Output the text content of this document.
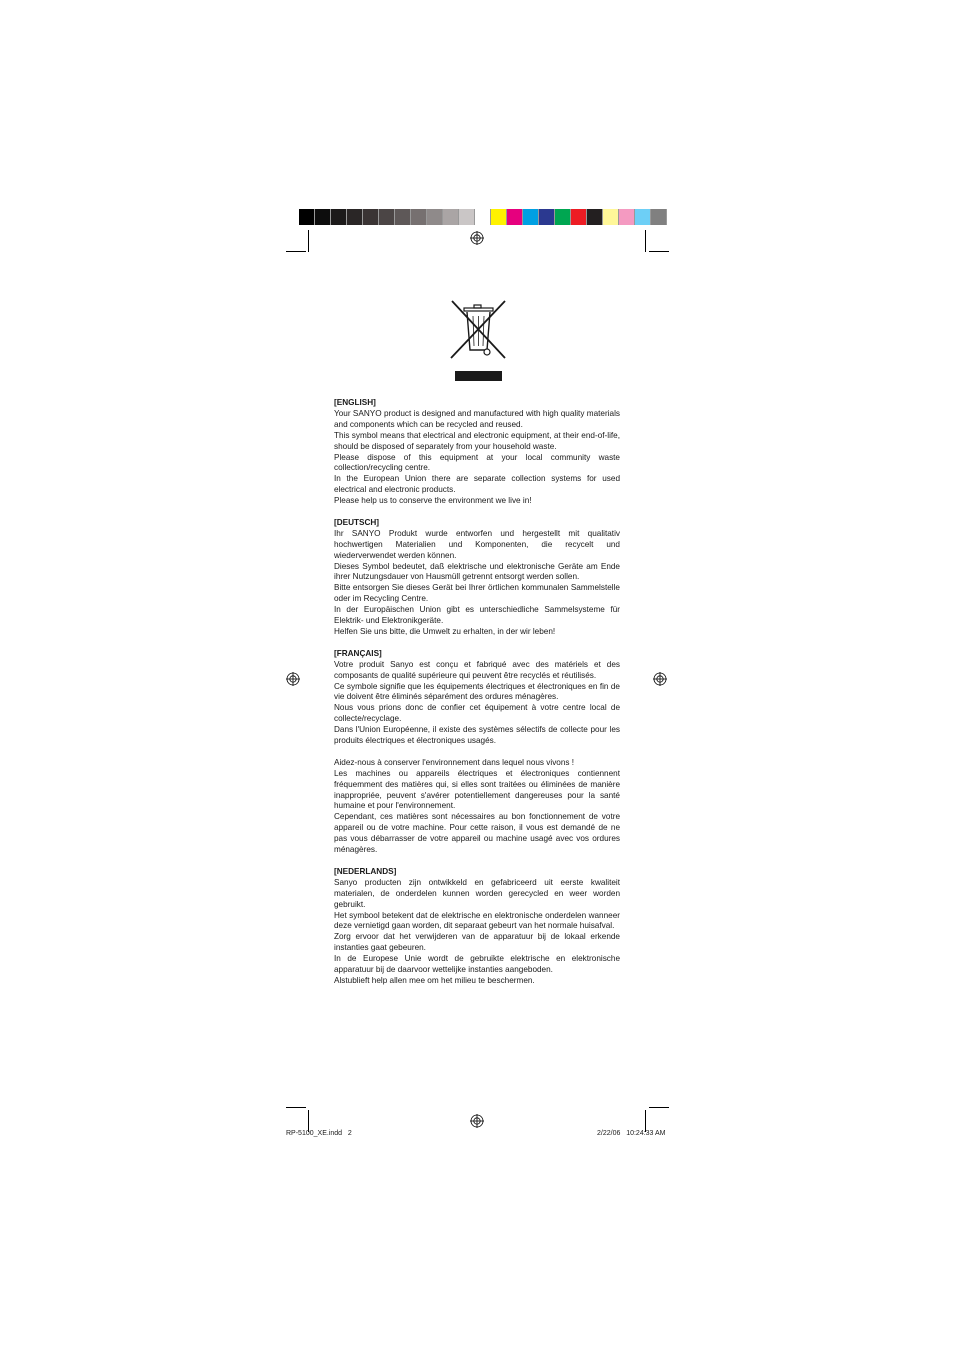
[ENGLISH]

Your SANYO product is designed and manufactured with high quality materials and components which can be recycled and reused.

This symbol means that electrical and electronic equipment, at their end-of-life, should be disposed of separately from your household waste.

Please dispose of this equipment at your local community waste collection/recycling centre.

In the European Union there are separate collection systems for used electrical and electronic products.

Please help us to conserve the environment we live in!

[DEUTSCH]

Ihr SANYO Produkt wurde entworfen und hergestellt mit qualitativ hochwertigen Materialien und Komponenten, die recycelt und wiederverwendet werden können.

Dieses Symbol bedeutet, daß elektrische und elektronische Geräte am Ende ihrer Nutzungsdauer von Hausmüll getrennt entsorgt werden sollen.

Bitte entsorgen Sie dieses Gerät bei Ihrer örtlichen kommunalen Sammelstelle oder im Recycling Centre.

In der Europäischen Union gibt es unterschiedliche Sammelsysteme für Elektrik- und Elektronikgeräte.

Helfen Sie uns bitte, die Umwelt zu erhalten, in der wir leben!

[FRANÇAIS]

Votre produit Sanyo est conçu et fabriqué avec des matériels et des composants de qualité supérieure qui peuvent être recyclés et réutilisés.

Ce symbole signifie que les équipements électriques et électroniques en fin de vie doivent être éliminés séparément des ordures ménagères.

Nous vous prions donc de confier cet équipement à votre centre local de collecte/recyclage.

Dans l'Union Européenne, il existe des systèmes sélectifs de collecte pour les produits électriques et électroniques usagés.

Aidez-nous à conserver l'environnement dans lequel nous vivons !

Les machines ou appareils électriques et électroniques contiennent fréquemment des matières qui, si elles sont traitées ou éliminées de manière inappropriée, peuvent s'avérer potentiellement dangereuses pour la santé humaine et pour l'environnement.

Cependant, ces matières sont nécessaires au bon fonctionnement de votre appareil ou de votre machine. Pour cette raison, il vous est demandé de ne pas vous débarrasser de votre appareil ou machine usagé avec vos ordures ménagères.

[NEDERLANDS]

Sanyo producten zijn ontwikkeld en gefabriceerd uit eerste kwaliteit materialen, de onderdelen kunnen worden gerecycled en weer worden gebruikt.

Het symbool betekent dat de elektrische en elektronische onderdelen wanneer deze vernietigd gaan worden, dit separaat gebeurt van het normale huisafval.

Zorg ervoor dat het verwijderen van de apparatuur bij de lokaal erkende instanties gaat gebeuren.

In de Europese Unie wordt de gebruikte elektrische en elektronische apparatuur bij de daarvoor wettelijke instanties aangeboden.

Alstublieft help allen mee om het milieu te beschermen.

RP-5100_XE.indd   2	2/22/06   10:24:33 AM
